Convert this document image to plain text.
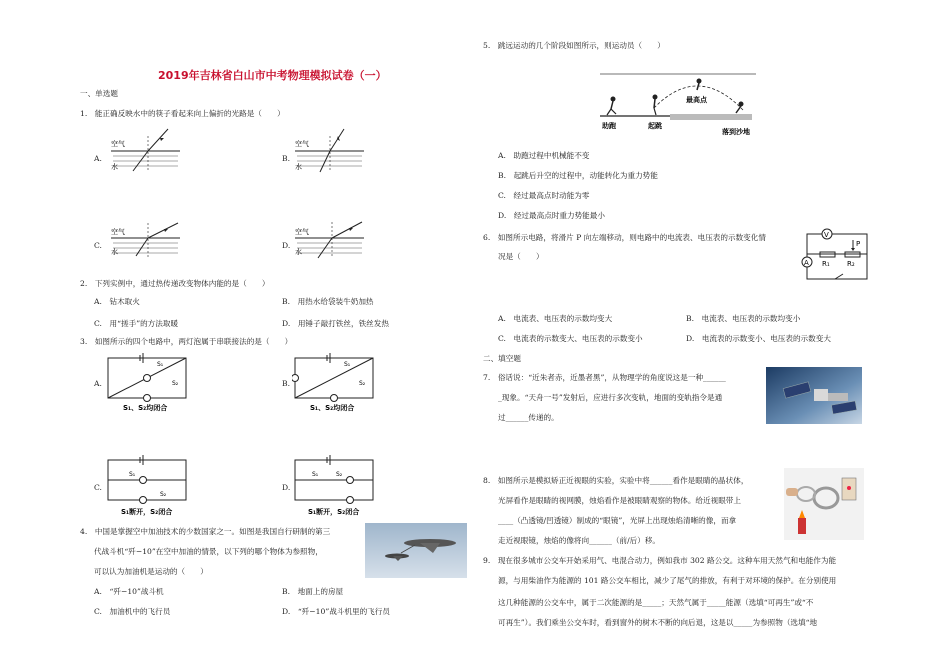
2019年吉林省白山市中考物理模拟试卷（一）
一、单选题
1.　能正确反映水中的筷子看起来向上偏折的光路是（　　）
A.
空气
水
B.
空气
水
C.
空气
水
D.
空气
水
2.　下列实例中，通过热传递改变物体内能的是（　　）
A.　钻木取火	B.　用热水给袋装牛奶加热
C.　用“搓手”的方法取暖	D.　用锤子敲打铁丝，铁丝发热
3.　如图所示的四个电路中，两灯泡属于串联接法的是（　　）
A.
S₁
S₂
S₁、S₂均闭合
B.
S₁
S₂
S₁、S₂均闭合
C.
S₁
S₂
S₁断开，S₂闭合
D.
S₁	S₂
S₁断开，S₂闭合
4.　中国是掌握空中加油技术的少数国家之一。如图是我国自行研制的第三
代战斗机“歼−10”在空中加油的情景，以下列的哪个物体为参照物，
可以认为加油机是运动的（　　）
A.　“歼−10”战斗机	B.　地面上的房屋
C.　加油机中的飞行员	D.　“歼−10”战斗机里的飞行员
5.　跳远运动的几个阶段如图所示，则运动员（　　）
助跑	起跳
最高点
落到沙地
A.　助跑过程中机械能不变
B.　起跳后升空的过程中，动能转化为重力势能
C.　经过最高点时动能为零
D.　经过最高点时重力势能最小
6.　如图所示电路，将滑片 P 向左端移动，则电路中的电流表、电压表的示数变化情
况是（　　）
V
A R₁ R₂
P
A.　电流表、电压表的示数均变大	B.　电流表、电压表的示数均变小
C.　电流表的示数变大、电压表的示数变小	D.　电流表的示数变小、电压表的示数变大
二、填空题
7.　俗话说：“近朱者赤，近墨者黑”，从物理学的角度说这是一种______
_现象。“天舟一号”发射后，应进行多次变轨，地面的变轨指令是通
过______传递的。
8.　如图所示是模拟矫正近视眼的实验，实验中将______看作是眼睛的晶状体，
光屏看作是眼睛的视网膜，烛焰看作是被眼睛观察的物体。给近视眼带上
____（凸透镜/凹透镜）制成的“眼镜”，光屏上出现烛焰清晰的像，而拿
走近视眼镜，烛焰的像将向______（前/后）移。
9.　现在很多城市公交车开始采用气、电混合动力，例如我市 302 路公交。这种车用天然气和电能作为能
源，与用柴油作为能源的 101 路公交车相比，减少了尾气的排放，有利于对环境的保护。在分别使用
这几种能源的公交车中，属于二次能源的是_____；天然气属于_____能源（选填“可再生”或“不
可再生”）。我们乘坐公交车时，看到窗外的树木不断的向后退，这是以_____为参照物（选填“地
